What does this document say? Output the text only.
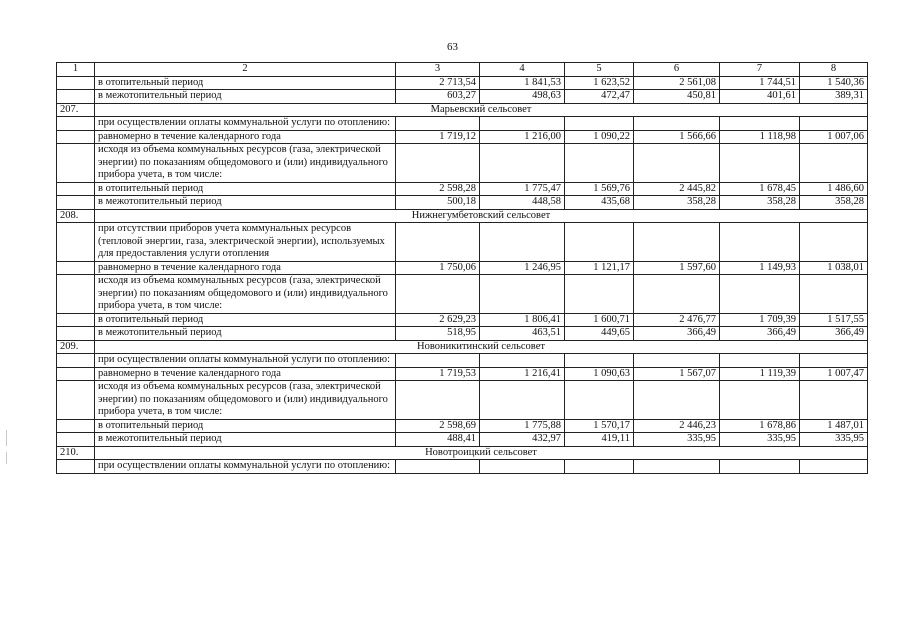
63
1	2	3	4	5	6	7	8
	в отопительный период	2 713,54	1 841,53	1 623,52	2 561,08	1 744,51	1 540,36
	в межотопительный период	603,27	498,63	472,47	450,81	401,61	389,31
207.	Марьевский сельсовет						
	при осуществлении оплаты коммунальной услуги по отоплению:						
	равномерно в течение календарного года	1 719,12	1 216,00	1 090,22	1 566,66	1 118,98	1 007,06
	исходя из объема коммунальных ресурсов (газа, электрической энергии) по показаниям общедомового и (или) индивидуального прибора учета, в том числе:						
	в отопительный период	2 598,28	1 775,47	1 569,76	2 445,82	1 678,45	1 486,60
	в межотопительный период	500,18	448,58	435,68	358,28	358,28	358,28
208.	Нижнегумбетовский сельсовет						
	при отсутствии приборов учета коммунальных ресурсов (тепловой энергии, газа, электрической энергии), используемых для предоставления услуги отопления						
	равномерно в течение календарного года	1 750,06	1 246,95	1 121,17	1 597,60	1 149,93	1 038,01
	исходя из объема коммунальных ресурсов (газа, электрической энергии) по показаниям общедомового и (или) индивидуального прибора учета, в том числе:						
	в отопительный период	2 629,23	1 806,41	1 600,71	2 476,77	1 709,39	1 517,55
	в межотопительный период	518,95	463,51	449,65	366,49	366,49	366,49
209.	Новоникитинский сельсовет						
	при осуществлении оплаты коммунальной услуги по отоплению:						
	равномерно в течение календарного года	1 719,53	1 216,41	1 090,63	1 567,07	1 119,39	1 007,47
	исходя из объема коммунальных ресурсов (газа, электрической энергии) по показаниям общедомового и (или) индивидуального прибора учета, в том числе:						
	в отопительный период	2 598,69	1 775,88	1 570,17	2 446,23	1 678,86	1 487,01
	в межотопительный период	488,41	432,97	419,11	335,95	335,95	335,95
210.	Новотроицкий сельсовет						
	при осуществлении оплаты коммунальной услуги по отоплению:						
